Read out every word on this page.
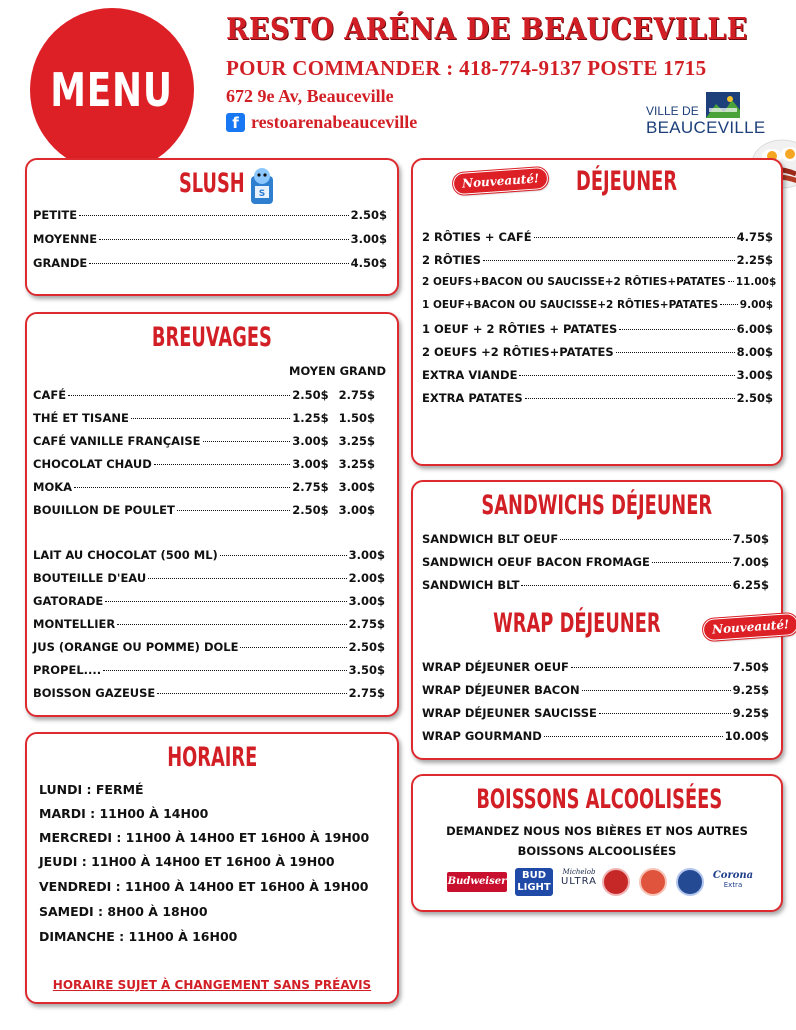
MENU
RESTO ARÉNA DE BEAUCEVILLE
POUR COMMANDER : 418-774-9137 POSTE 1715
672 9e Av, Beauceville
f restoarenabeauceville
VILLE DE
BEAUCEVILLE
SLUSH	S
PETITE	2.50$
MOYENNE	3.00$
GRANDE	4.50$
BREUVAGES
MOYEN GRAND
CAFÉ	2.50$ 2.75$
THÉ ET TISANE	1.25$ 1.50$
CAFÉ VANILLE FRANÇAISE	3.00$ 3.25$
CHOCOLAT CHAUD	3.00$ 3.25$
MOKA	2.75$ 3.00$
BOUILLON DE POULET	2.50$ 3.00$
LAIT AU CHOCOLAT (500 ML)	3.00$
BOUTEILLE D'EAU	2.00$
GATORADE	3.00$
MONTELLIER	2.75$
JUS (ORANGE OU POMME) DOLE	2.50$
PROPEL....	3.50$
BOISSON GAZEUSE	2.75$
HORAIRE
LUNDI : FERMÉ
MARDI : 11H00 À 14H00
MERCREDI : 11H00 À 14H00 ET 16H00 À 19H00
JEUDI : 11H00 À 14H00 ET 16H00 À 19H00
VENDREDI : 11H00 À 14H00 ET 16H00 À 19H00
SAMEDI : 8H00 À 18H00
DIMANCHE : 11H00 À 16H00
HORAIRE SUJET À CHANGEMENT SANS PRÉAVIS
Nouveauté!	DÉJEUNER
2 RÔTIES + CAFÉ	4.75$
2 RÔTIES	2.25$
2 OEUFS+BACON OU SAUCISSE+2 RÔTIES+PATATES 11.00$
1 OEUF+BACON OU SAUCISSE+2 RÔTIES+PATATES 9.00$
1 OEUF + 2 RÔTIES + PATATES	6.00$
2 OEUFS +2 RÔTIES+PATATES	8.00$
EXTRA VIANDE	3.00$
EXTRA PATATES	2.50$
SANDWICHS DÉJEUNER
SANDWICH BLT OEUF	7.50$
SANDWICH OEUF BACON FROMAGE	7.00$
SANDWICH BLT	6.25$
WRAP DÉJEUNER	Nouveauté!
WRAP DÉJEUNER OEUF	7.50$
WRAP DÉJEUNER BACON	9.25$
WRAP DÉJEUNER SAUCISSE	9.25$
WRAP GOURMAND	10.00$
BOISSONS ALCOOLISÉES
DEMANDEZ NOUS NOS BIÈRES ET NOS AUTRES
BOISSONS ALCOOLISÉES
Budweiser
BUD
LIGHT
Michelob
ULTRA
Corona
Extra
